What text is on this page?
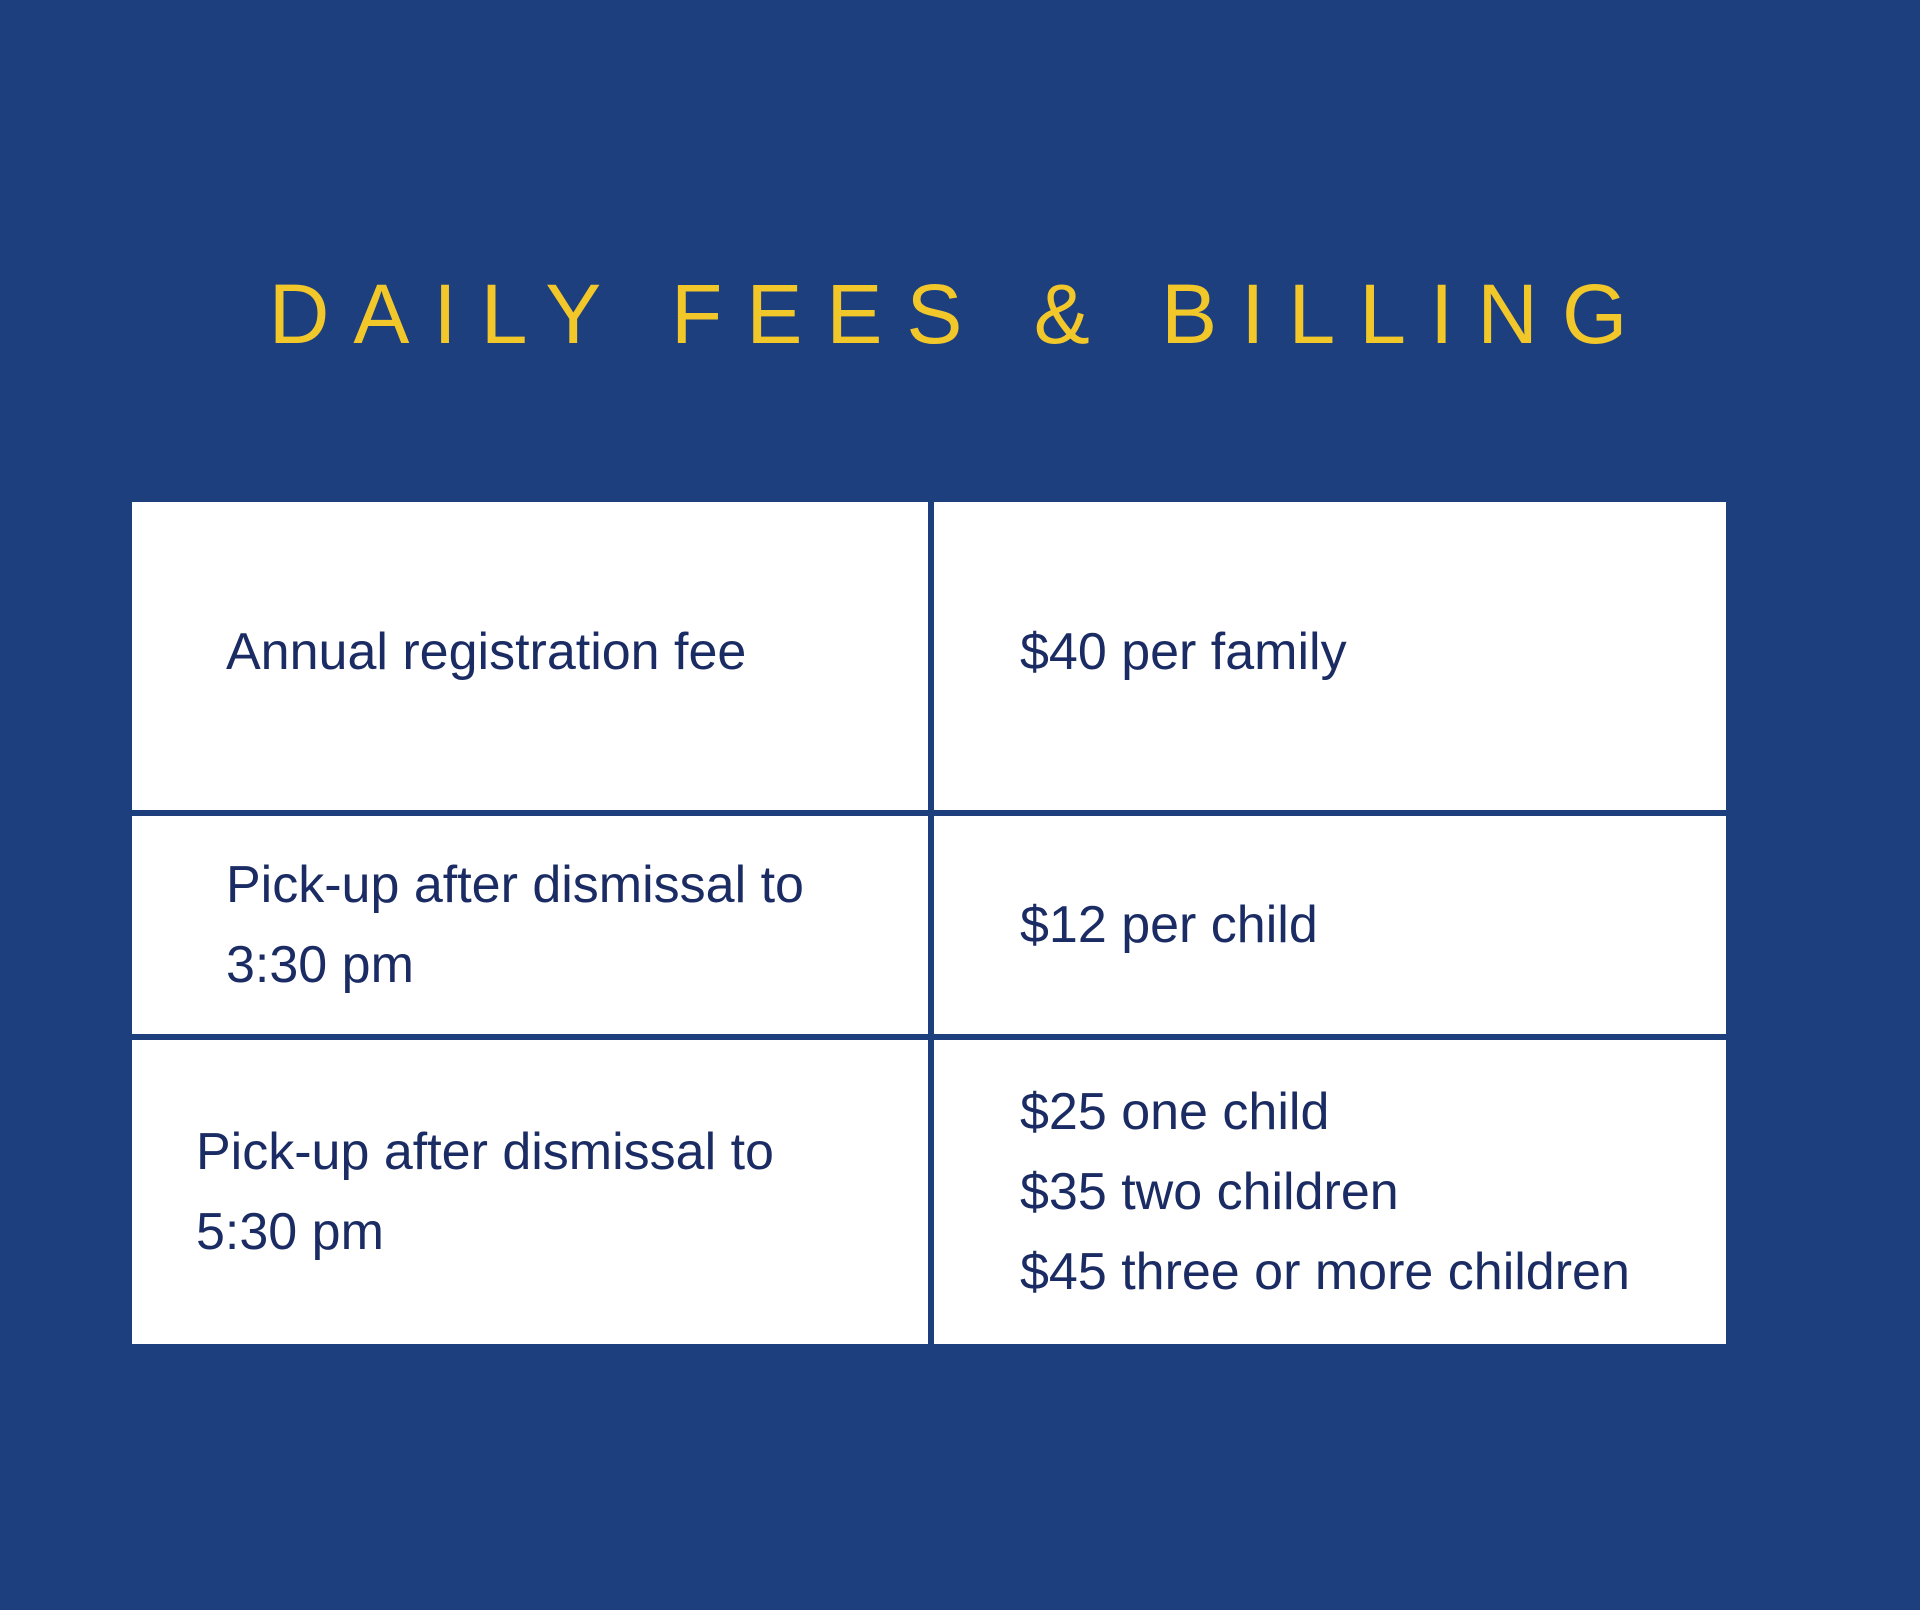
DAILY FEES & BILLING
Annual registration fee	$40 per family
Pick-up after dismissal to
3:30 pm
$12 per child
Pick-up after dismissal to
5:30 pm
$25 one child
$35 two children
$45 three or more children
